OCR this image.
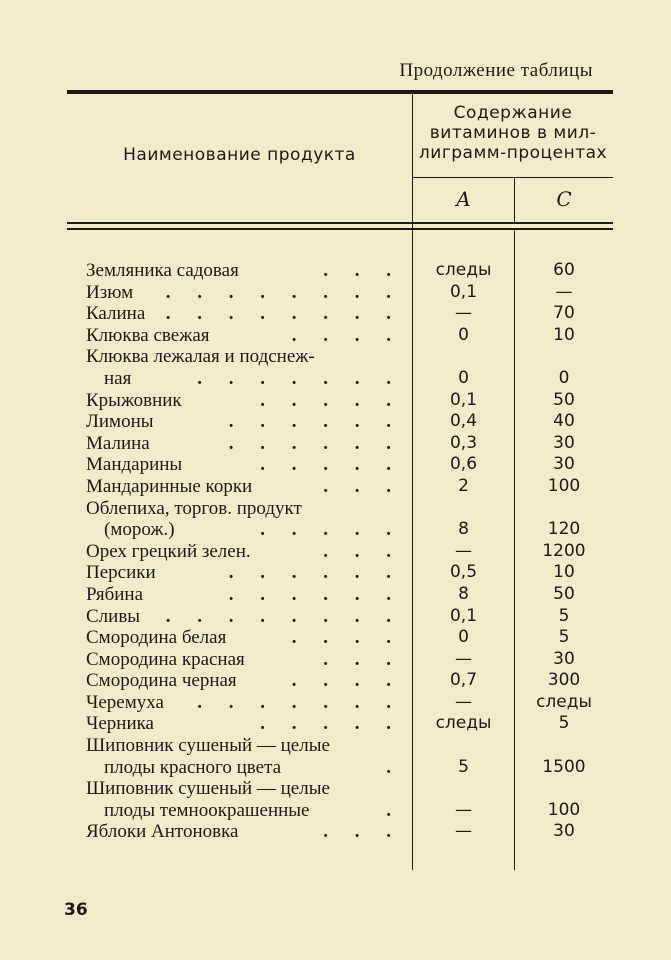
Продолжение таблицы
Наименование продукта
Содержание
витаминов в мил-
лиграмм-процентах
A	C
Земляника садовая	. . .	следы	60
Изюм	. . . . . . . .	0,1	—
Калина	. . . . . . . .	—	70
Клюква свежая	. . . .	0	10
Клюква лежалая и подснеж-
ная	. . . . . . .	0	0
Крыжовник	. . . . .	0,1	50
Лимоны	. . . . . .	0,4	40
Малина	. . . . . .	0,3	30
Мандарины	. . . . .	0,6	30
Мандаринные корки	. . .	2	100
Облепиха, торгов. продукт
(морож.)	. . . . .	8	120
Орех грецкий зелен.	. . .	—	1200
Персики	. . . . . .	0,5	10
Рябина	. . . . . .	8	50
Сливы	. . . . . . . .	0,1	5
Смородина белая	. . . .	0	5
Смородина красная	. . .	—	30
Смородина черная	. . . .	0,7	300
Черемуха	. . . . . . .	—	следы
Черника	. . . . .	следы	5
Шиповник сушеный — целые
плоды красного цвета	.	5	1500
Шиповник сушеный — целые
плоды темноокрашенные	.	—	100
Яблоки Антоновка	. . .	—	30
36
